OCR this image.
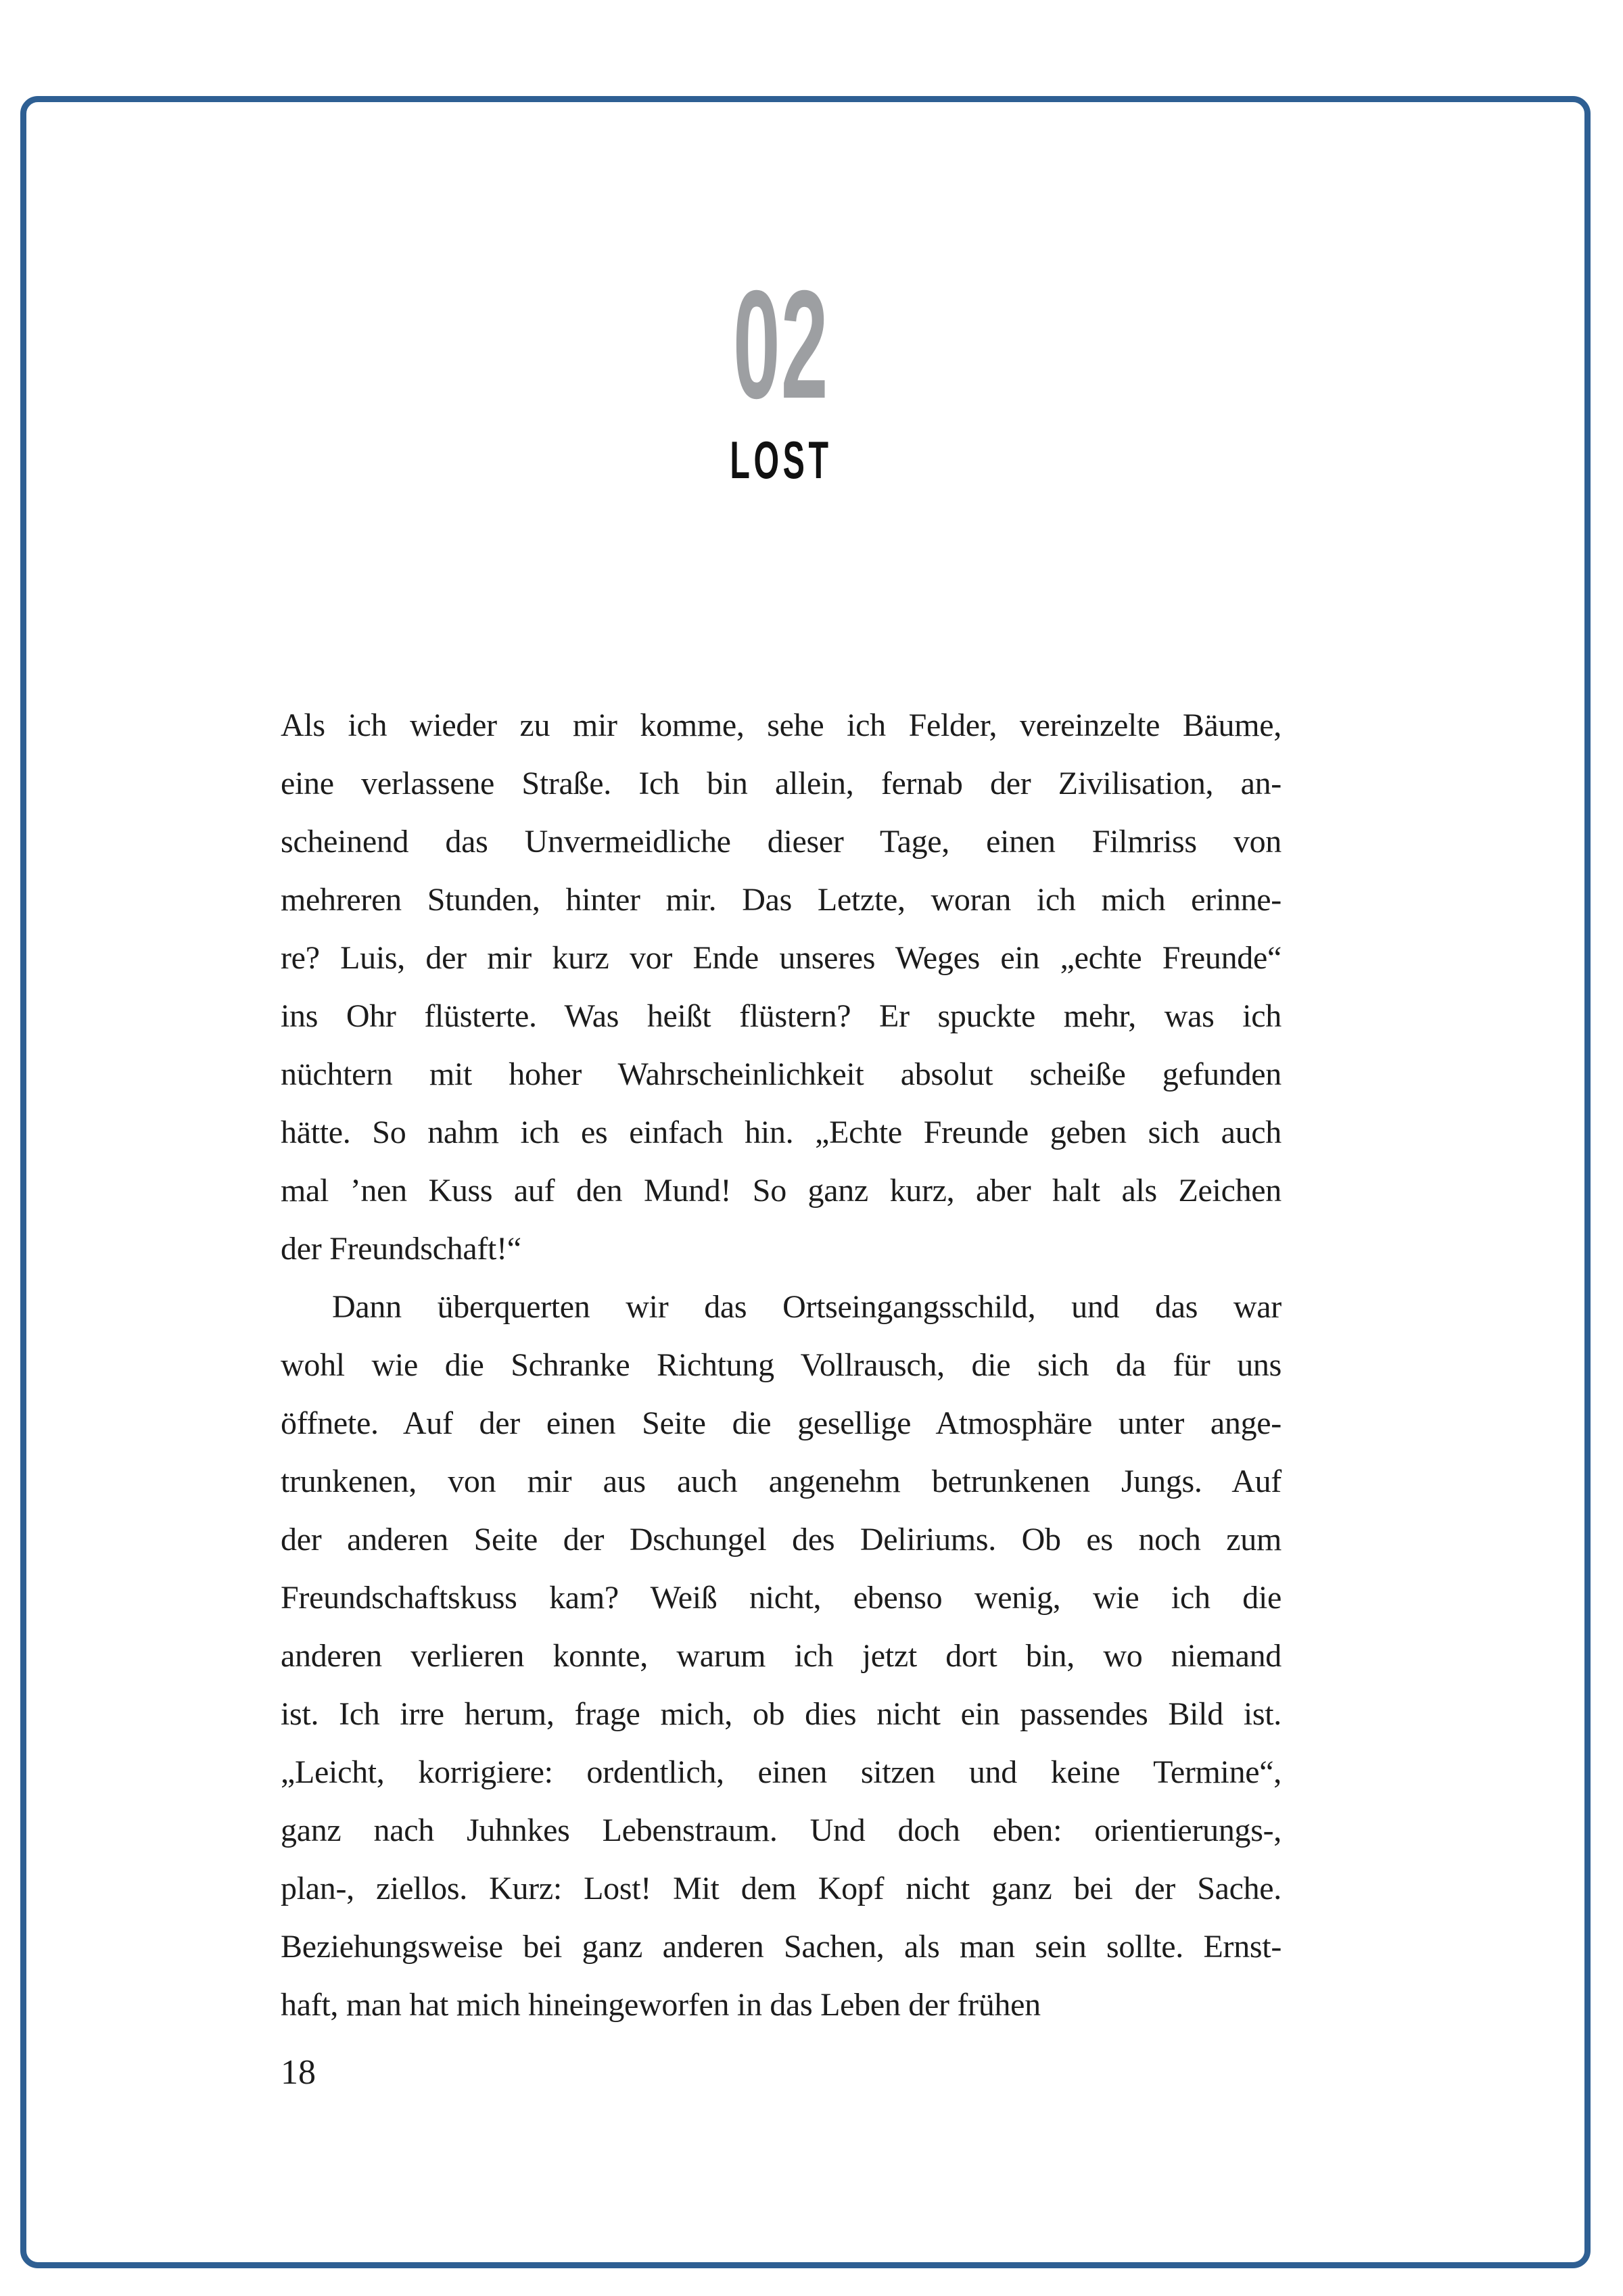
02
LOST
Als ich wieder zu mir komme, sehe ich Felder, vereinzelte Bäume,
eine verlassene Straße. Ich bin allein, fernab der Zivilisation, an-
scheinend das Unvermeidliche dieser Tage, einen Filmriss von
mehreren Stunden, hinter mir. Das Letzte, woran ich mich erinne-
re? Luis, der mir kurz vor Ende unseres Weges ein „echte Freunde“
ins Ohr flüsterte. Was heißt flüstern? Er spuckte mehr, was ich
nüchtern mit hoher Wahrscheinlichkeit absolut scheiße gefunden
hätte. So nahm ich es einfach hin. „Echte Freunde geben sich auch
mal ’nen Kuss auf den Mund! So ganz kurz, aber halt als Zeichen
der Freundschaft!“
Dann überquerten wir das Ortseingangsschild, und das war
wohl wie die Schranke Richtung Vollrausch, die sich da für uns
öffnete. Auf der einen Seite die gesellige Atmosphäre unter ange-
trunkenen, von mir aus auch angenehm betrunkenen Jungs. Auf
der anderen Seite der Dschungel des Deliriums. Ob es noch zum
Freundschaftskuss kam? Weiß nicht, ebenso wenig, wie ich die
anderen verlieren konnte, warum ich jetzt dort bin, wo niemand
ist. Ich irre herum, frage mich, ob dies nicht ein passendes Bild ist.
„Leicht, korrigiere: ordentlich, einen sitzen und keine Termine“,
ganz nach Juhnkes Lebenstraum. Und doch eben: orientierungs-,
plan-, ziellos. Kurz: Lost! Mit dem Kopf nicht ganz bei der Sache.
Beziehungsweise bei ganz anderen Sachen, als man sein sollte. Ernst-
haft, man hat mich hineingeworfen in das Leben der frühen
18
